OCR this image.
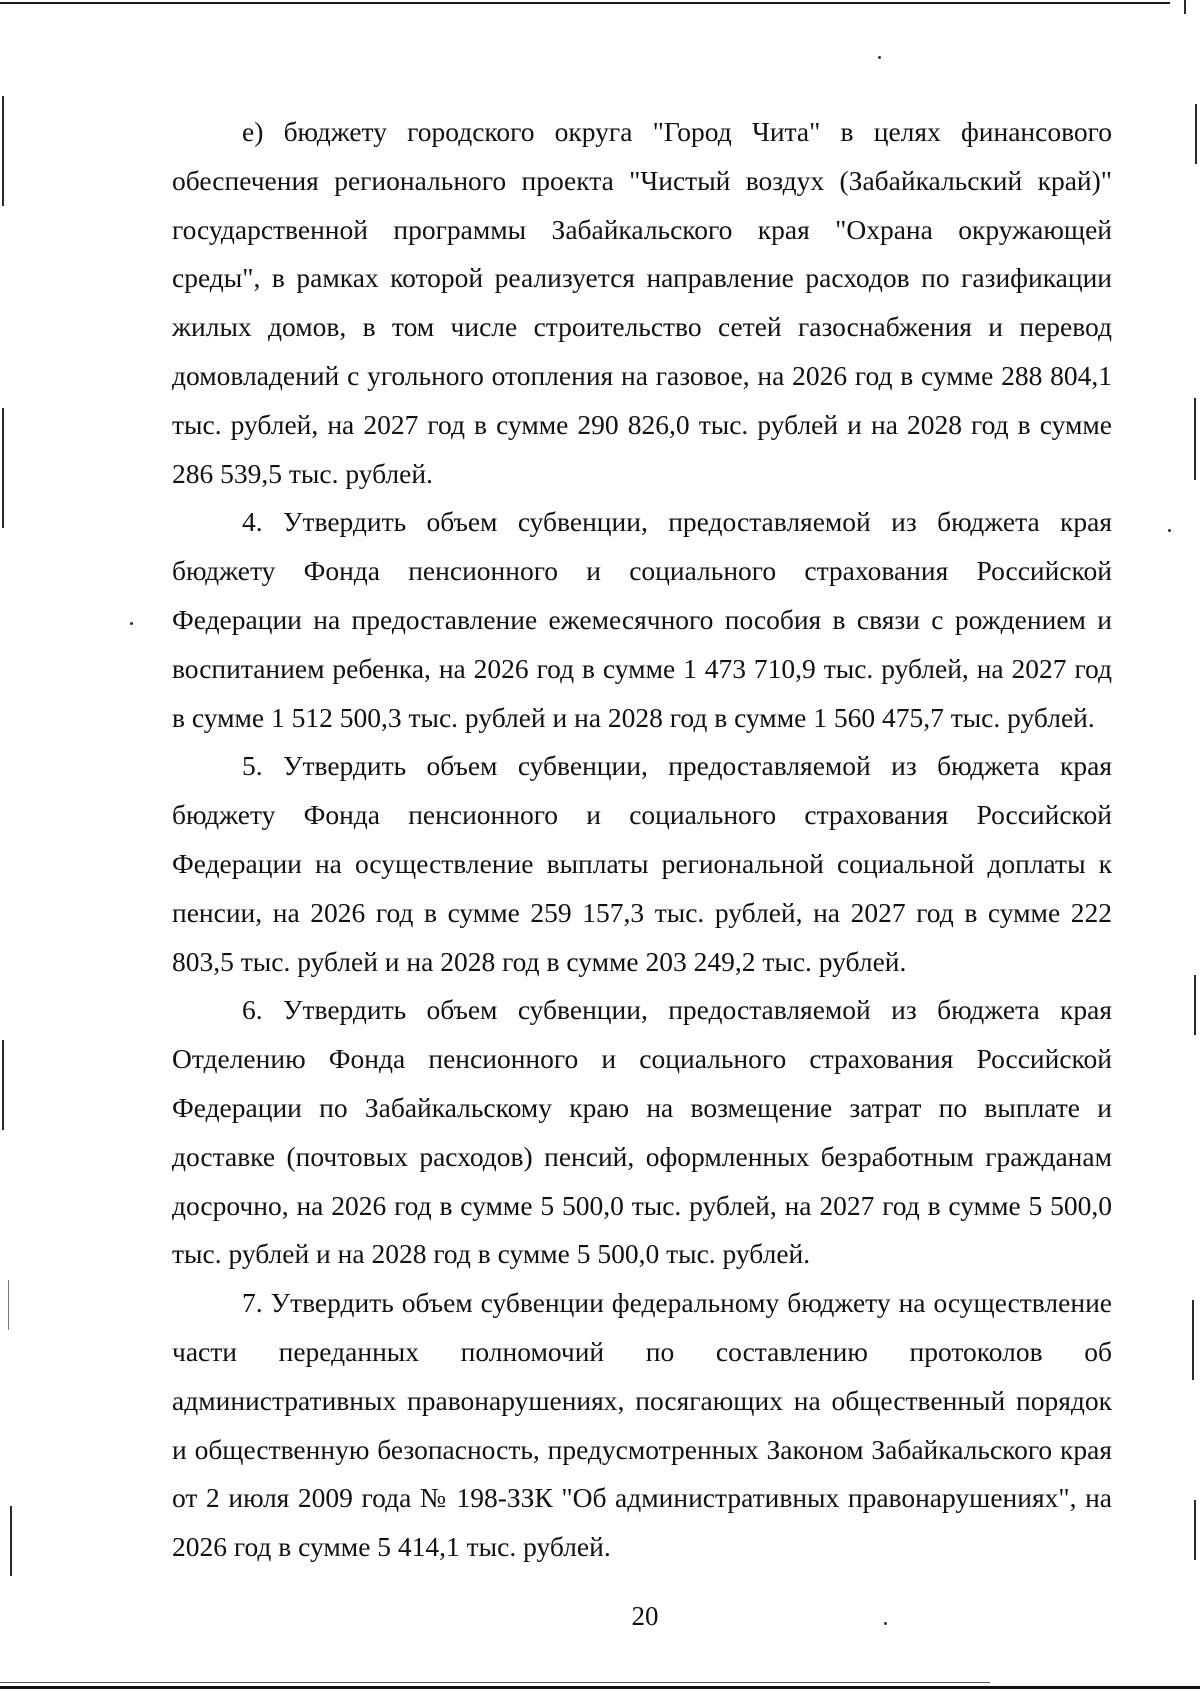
е) бюджету городского округа "Город Чита" в целях финансового обеспечения регионального проекта "Чистый воздух (Забайкальский край)" государственной программы Забайкальского края "Охрана окружающей среды", в рамках которой реализуется направление расходов по газификации жилых домов, в том числе строительство сетей газоснабжения и перевод домовладений с угольного отопления на газовое, на 2026 год в сумме 288 804,1 тыс. рублей, на 2027 год в сумме 290 826,0 тыс. рублей и на 2028 год в сумме 286 539,5 тыс. рублей.

4. Утвердить объем субвенции, предоставляемой из бюджета края бюджету Фонда пенсионного и социального страхования Российской Федерации на предоставление ежемесячного пособия в связи с рождением и воспитанием ребенка, на 2026 год в сумме 1 473 710,9 тыс. рублей, на 2027 год в сумме 1 512 500,3 тыс. рублей и на 2028 год в сумме 1 560 475,7 тыс. рублей.

5. Утвердить объем субвенции, предоставляемой из бюджета края бюджету Фонда пенсионного и социального страхования Российской Федерации на осуществление выплаты региональной социальной доплаты к пенсии, на 2026 год в сумме 259 157,3 тыс. рублей, на 2027 год в сумме 222 803,5 тыс. рублей и на 2028 год в сумме 203 249,2 тыс. рублей.

6. Утвердить объем субвенции, предоставляемой из бюджета края Отделению Фонда пенсионного и социального страхования Российской Федерации по Забайкальскому краю на возмещение затрат по выплате и доставке (почтовых расходов) пенсий, оформленных безработным гражданам досрочно, на 2026 год в сумме 5 500,0 тыс. рублей, на 2027 год в сумме 5 500,0 тыс. рублей и на 2028 год в сумме 5 500,0 тыс. рублей.

7. Утвердить объем субвенции федеральному бюджету на осуществление части переданных полномочий по составлению протоколов об административных правонарушениях, посягающих на общественный порядок и общественную безопасность, предусмотренных Законом Забайкальского края от 2 июля 2009 года № 198-ЗЗК "Об административных правонарушениях", на 2026 год в сумме 5 414,1 тыс. рублей.

20
